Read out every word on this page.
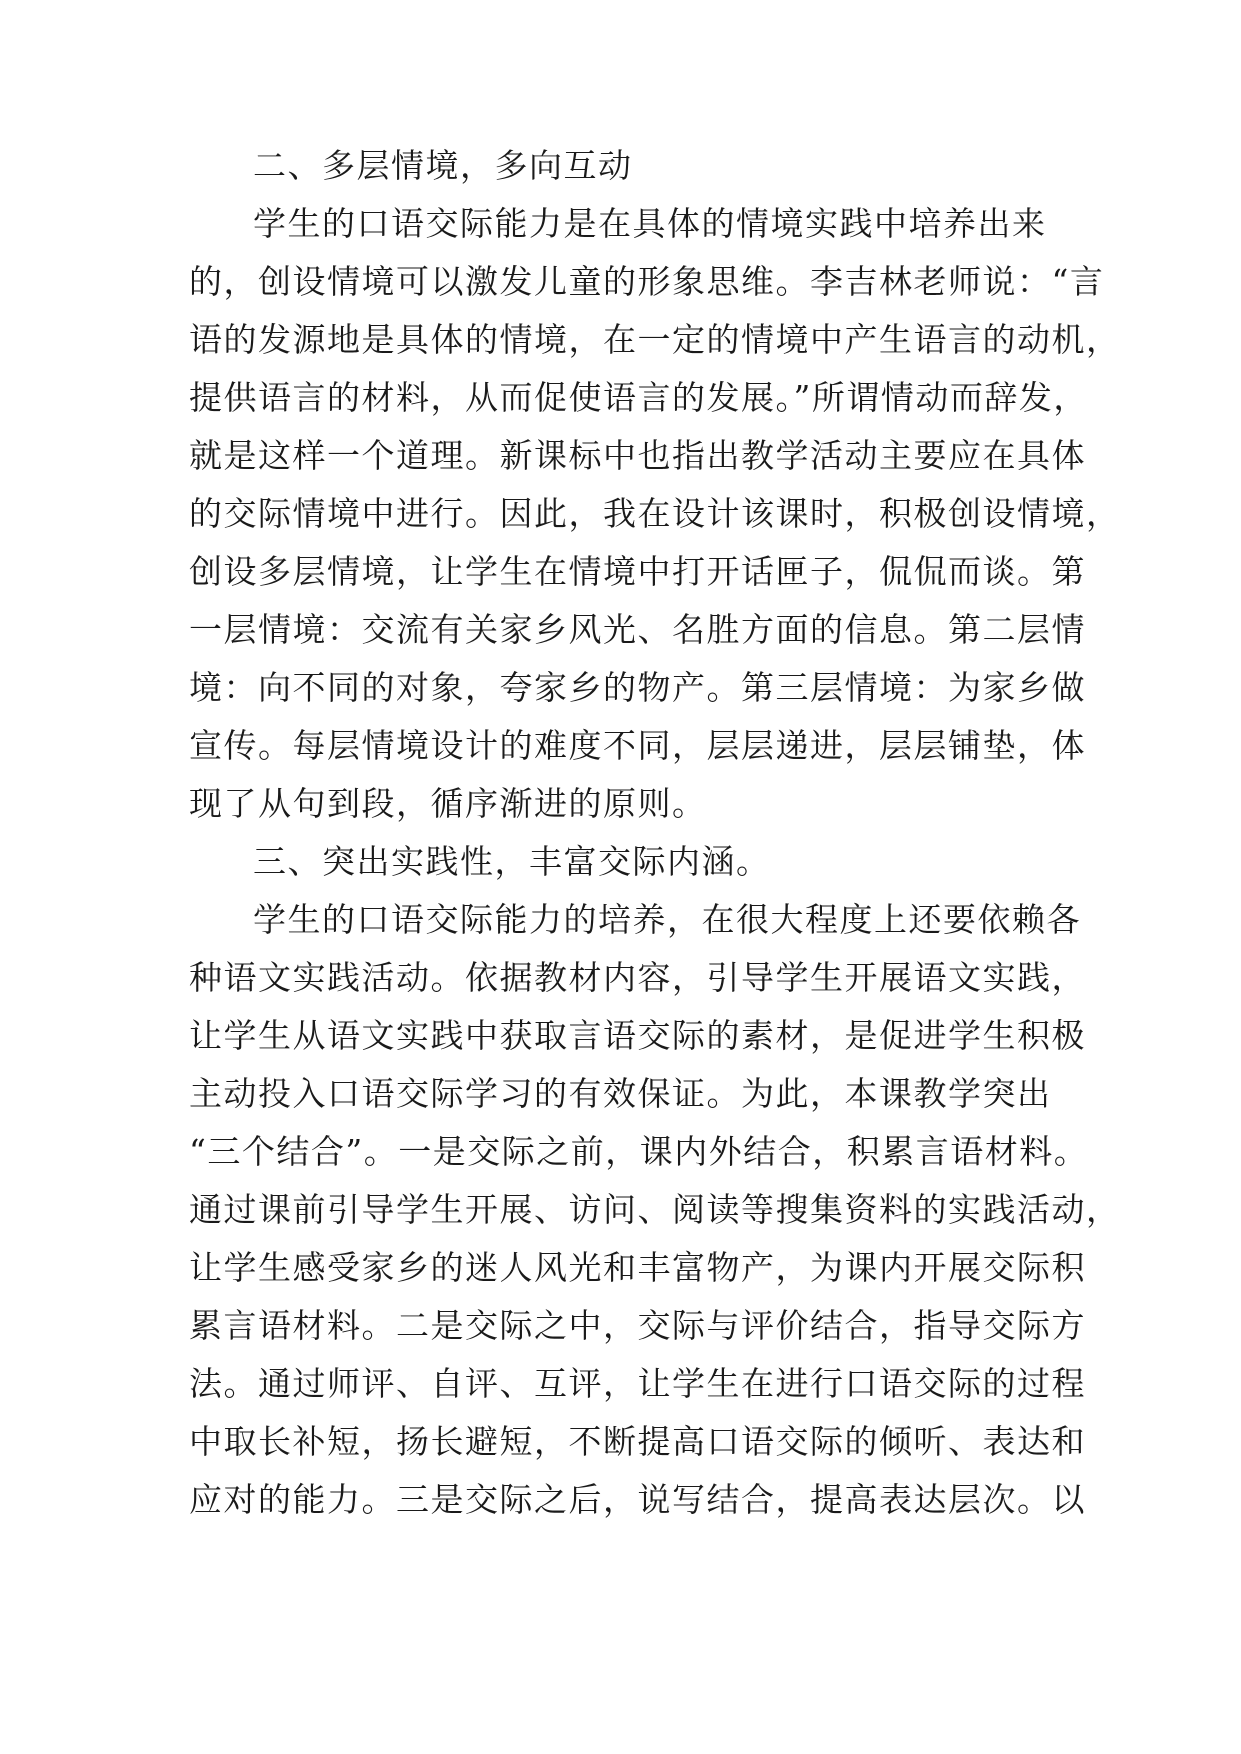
二、多层情境，多向互动
学生的口语交际能力是在具体的情境实践中培养出来
的，创设情境可以激发儿童的形象思维。李吉林老师说：“言
语的发源地是具体的情境，在一定的情境中产生语言的动机，
提供语言的材料，从而促使语言的发展。”所谓情动而辞发，
就是这样一个道理。新课标中也指出教学活动主要应在具体
的交际情境中进行。因此，我在设计该课时，积极创设情境，
创设多层情境，让学生在情境中打开话匣子，侃侃而谈。第
一层情境：交流有关家乡风光、名胜方面的信息。第二层情
境：向不同的对象，夸家乡的物产。第三层情境：为家乡做
宣传。每层情境设计的难度不同，层层递进，层层铺垫，体
现了从句到段，循序渐进的原则。
三、突出实践性，丰富交际内涵。
学生的口语交际能力的培养，在很大程度上还要依赖各
种语文实践活动。依据教材内容，引导学生开展语文实践，
让学生从语文实践中获取言语交际的素材，是促进学生积极
主动投入口语交际学习的有效保证。为此，本课教学突出
“三个结合”。一是交际之前，课内外结合，积累言语材料。
通过课前引导学生开展、访问、阅读等搜集资料的实践活动，
让学生感受家乡的迷人风光和丰富物产，为课内开展交际积
累言语材料。二是交际之中，交际与评价结合，指导交际方
法。通过师评、自评、互评，让学生在进行口语交际的过程
中取长补短，扬长避短，不断提高口语交际的倾听、表达和
应对的能力。三是交际之后，说写结合，提高表达层次。以
